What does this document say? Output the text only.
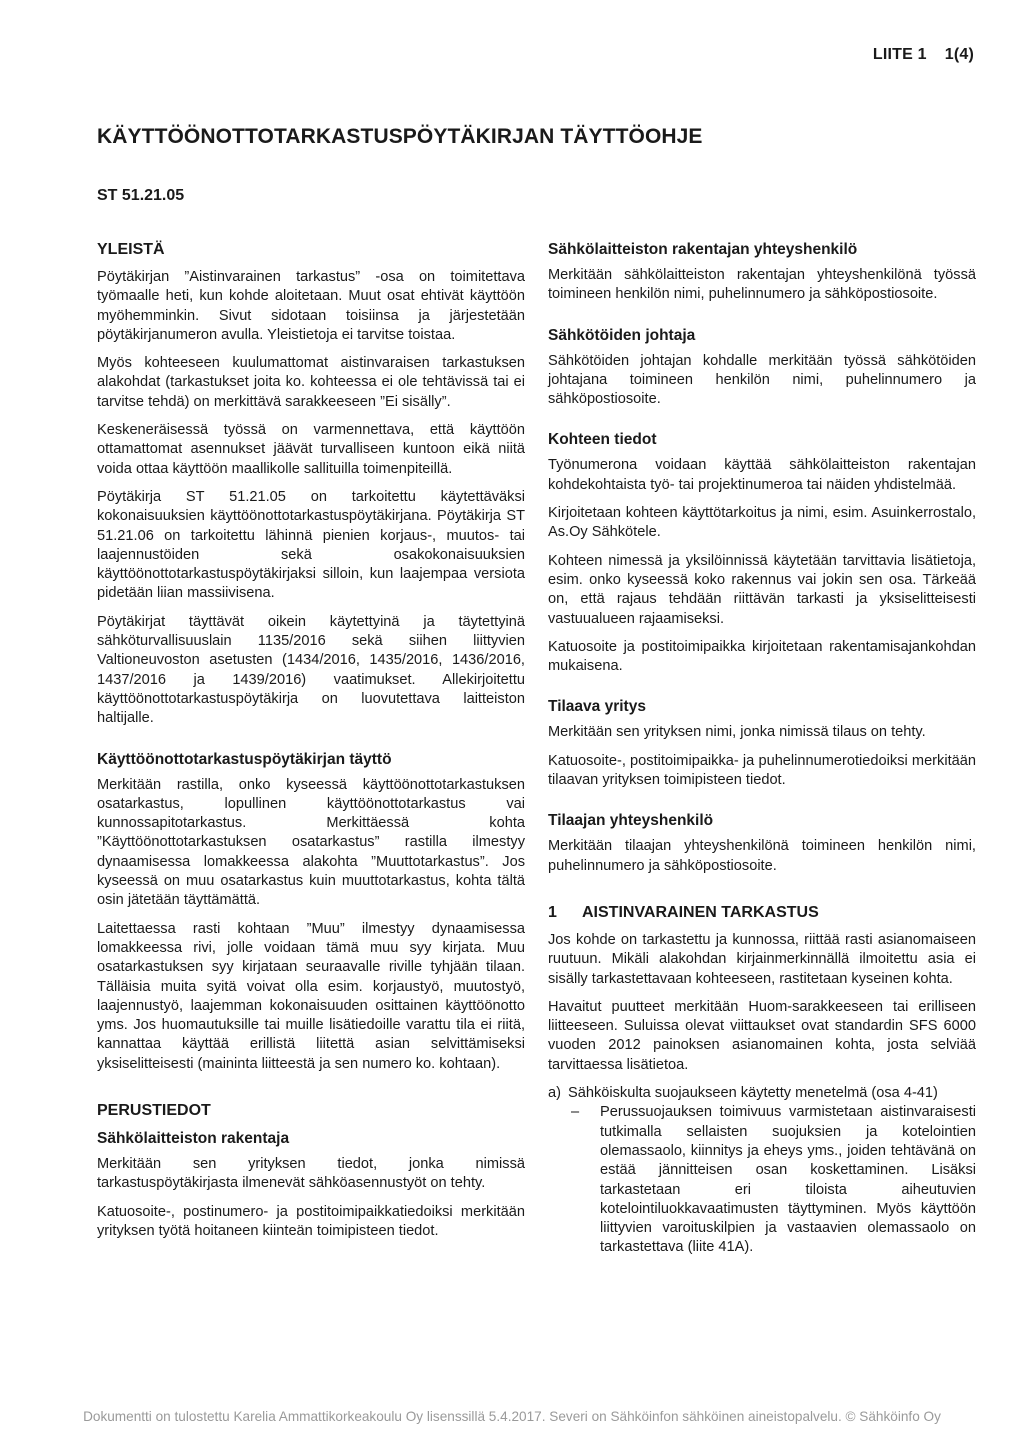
LIITE 1 1(4)
KÄYTTÖÖNOTTOTARKASTUSPÖYTÄKIRJAN TÄYTTÖOHJE
ST 51.21.05
YLEISTÄ

Pöytäkirjan ”Aistinvarainen tarkastus” -osa on toimitettava työmaalle heti, kun kohde aloitetaan. Muut osat ehtivät käyttöön myöhemminkin. Sivut sidotaan toisiinsa ja järjestetään pöytäkirjanumeron avulla. Yleistietoja ei tarvitse toistaa.

Myös kohteeseen kuulumattomat aistinvaraisen tarkastuksen alakohdat (tarkastukset joita ko. kohteessa ei ole tehtävissä tai ei tarvitse tehdä) on merkittävä sarakkeeseen ”Ei sisälly”.

Keskeneräisessä työssä on varmennettava, että käyttöön ottamattomat asennukset jäävät turvalliseen kuntoon eikä niitä voida ottaa käyttöön maallikolle sallituilla toimenpiteillä.

Pöytäkirja ST 51.21.05 on tarkoitettu käytettäväksi kokonaisuuksien käyttöönottotarkastuspöytäkirjana. Pöytäkirja ST 51.21.06 on tarkoitettu lähinnä pienien korjaus-, muutos- tai laajennustöiden sekä osakokonaisuuksien käyttöönottotarkastuspöytäkirjaksi silloin, kun laajempaa versiota pidetään liian massiivisena.

Pöytäkirjat täyttävät oikein käytettyinä ja täytettyinä sähköturvallisuuslain 1135/2016 sekä siihen liittyvien Valtioneuvoston asetusten (1434/2016, 1435/2016, 1436/2016, 1437/2016 ja 1439/2016) vaatimukset. Allekirjoitettu käyttöönottotarkastuspöytäkirja on luovutettava laitteiston haltijalle.

Käyttöönottotarkastuspöytäkirjan täyttö

Merkitään rastilla, onko kyseessä käyttöönottotarkastuksen osatarkastus, lopullinen käyttöönottotarkastus vai kunnossapitotarkastus. Merkittäessä kohta ”Käyttöönottotarkastuksen osatarkastus” rastilla ilmestyy dynaamisessa lomakkeessa alakohta ”Muuttotarkastus”. Jos kyseessä on muu osatarkastus kuin muuttotarkastus, kohta tältä osin jätetään täyttämättä.

Laitettaessa rasti kohtaan ”Muu” ilmestyy dynaamisessa lomakkeessa rivi, jolle voidaan tämä muu syy kirjata. Muu osatarkastuksen syy kirjataan seuraavalle riville tyhjään tilaan. Tälläisia muita syitä voivat olla esim. korjaustyö, muutostyö, laajennustyö, laajemman kokonaisuuden osittainen käyttöönotto yms. Jos huomautuksille tai muille lisätiedoille varattu tila ei riitä, kannattaa käyttää erillistä liitettä asian selvittämiseksi yksiselitteisesti (maininta liitteestä ja sen numero ko. kohtaan).

PERUSTIEDOT
Sähkölaitteiston rakentaja

Merkitään sen yrityksen tiedot, jonka nimissä tarkastuspöytäkirjasta ilmenevät sähköasennustyöt on tehty.

Katuosoite-, postinumero- ja postitoimipaikkatiedoiksi merkitään yrityksen työtä hoitaneen kiinteän toimipisteen tiedot.

Sähkölaitteiston rakentajan yhteyshenkilö

Merkitään sähkölaitteiston rakentajan yhteyshenkilönä työssä toimineen henkilön nimi, puhelinnumero ja sähköpostiosoite.

Sähkötöiden johtaja

Sähkötöiden johtajan kohdalle merkitään työssä sähkötöiden johtajana toimineen henkilön nimi, puhelinnumero ja sähköpostiosoite.

Kohteen tiedot

Työnumerona voidaan käyttää sähkölaitteiston rakentajan kohdekohtaista työ- tai projektinumeroa tai näiden yhdistelmää.

Kirjoitetaan kohteen käyttötarkoitus ja nimi, esim. Asuinkerrostalo, As.Oy Sähkötele.

Kohteen nimessä ja yksilöinnissä käytetään tarvittavia lisätietoja, esim. onko kyseessä koko rakennus vai jokin sen osa. Tärkeää on, että rajaus tehdään riittävän tarkasti ja yksiselitteisesti vastuualueen rajaamiseksi.

Katuosoite ja postitoimipaikka kirjoitetaan rakentamisajankohdan mukaisena.

Tilaava yritys

Merkitään sen yrityksen nimi, jonka nimissä tilaus on tehty.

Katuosoite-, postitoimipaikka- ja puhelinnumerotiedoiksi merkitään tilaavan yrityksen toimipisteen tiedot.

Tilaajan yhteyshenkilö

Merkitään tilaajan yhteyshenkilönä toimineen henkilön nimi, puhelinnumero ja sähköpostiosoite.

1 AISTINVARAINEN TARKASTUS

Jos kohde on tarkastettu ja kunnossa, riittää rasti asianomaiseen ruutuun. Mikäli alakohdan kirjainmerkinnällä ilmoitettu asia ei sisälly tarkastettavaan kohteeseen, rastitetaan kyseinen kohta.

Havaitut puutteet merkitään Huom-sarakkeeseen tai erilliseen liitteeseen. Suluissa olevat viittaukset ovat standardin SFS 6000 vuoden 2012 painoksen asianomainen kohta, josta selviää tarvittaessa lisätietoa.

a) Sähköiskulta suojaukseen käytetty menetelmä (osa 4-41)
–	Perussuojauksen toimivuus varmistetaan aistinvaraisesti tutkimalla sellaisten suojuksien ja kotelointien olemassaolo, kiinnitys ja eheys yms., joiden tehtävänä on estää jännitteisen osan koskettaminen. Lisäksi tarkastetaan eri tiloista aiheutuvien kotelointiluokkavaatimusten täyttyminen. Myös käyttöön liittyvien varoituskilpien ja vastaavien olemassaolo on tarkastettava (liite 41A).
Dokumentti on tulostettu Karelia Ammattikorkeakoulu Oy lisenssillä 5.4.2017. Severi on Sähköinfon sähköinen aineistopalvelu. © Sähköinfo Oy
